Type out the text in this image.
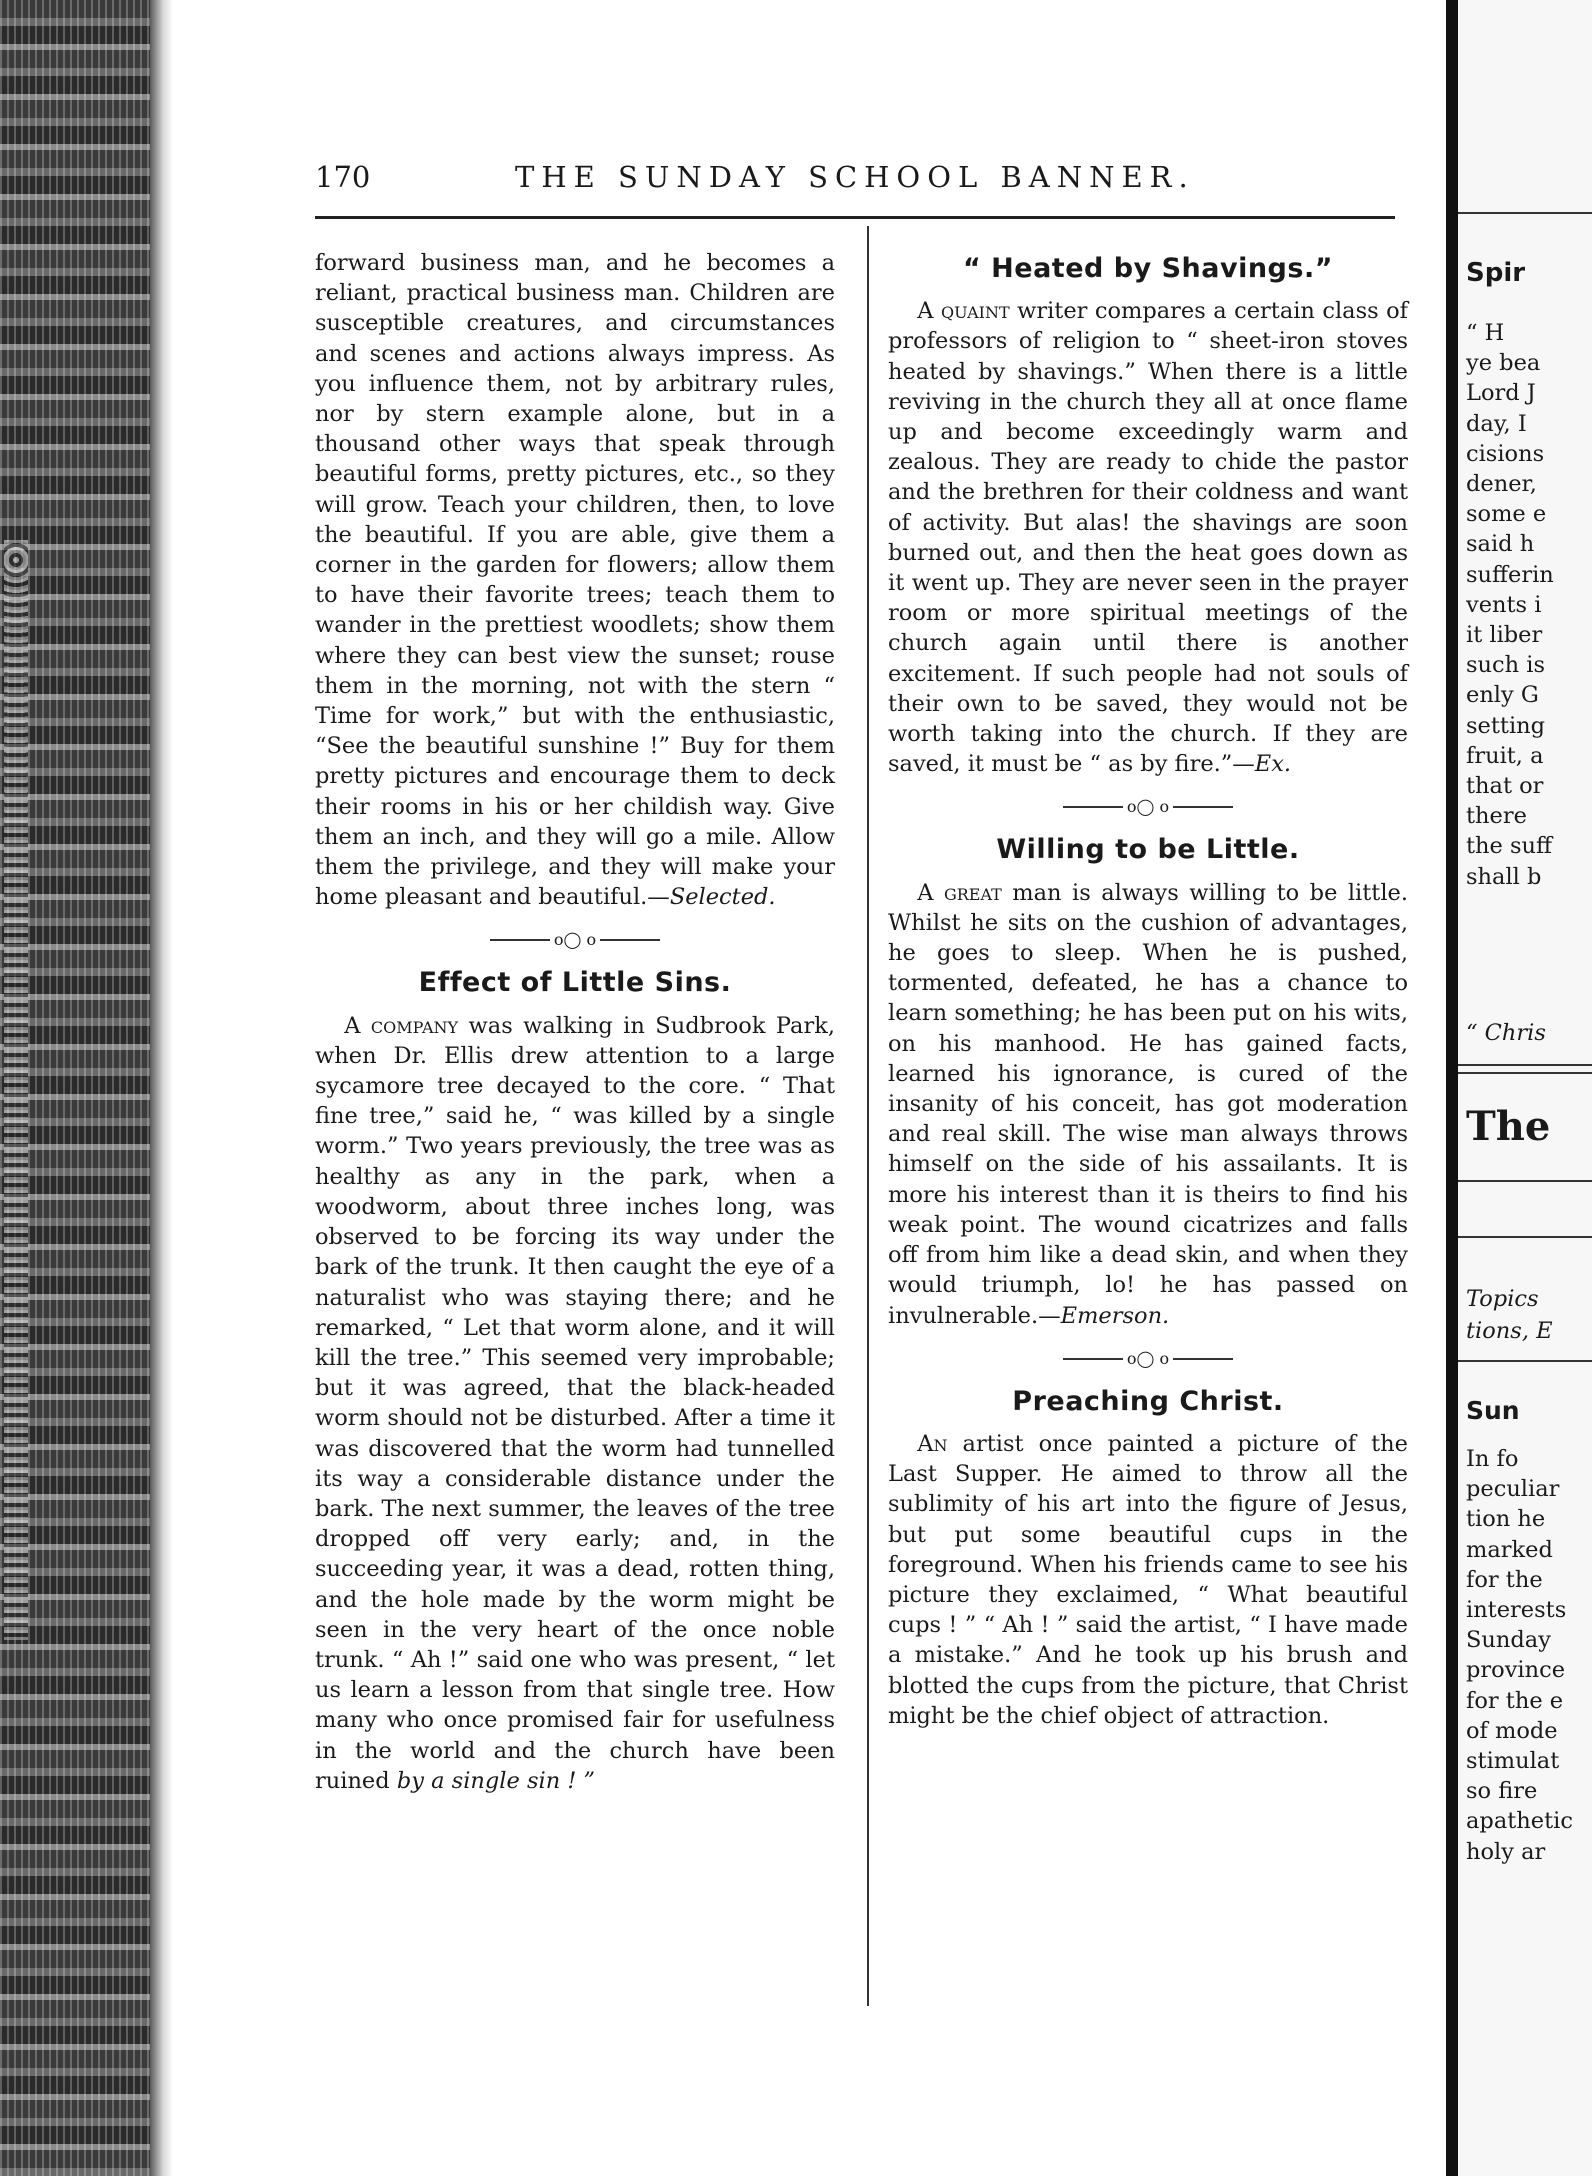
170	THE SUNDAY SCHOOL BANNER.

forward business man, and he becomes a reliant, practical business man. Children are susceptible creatures, and circumstances and scenes and actions always impress. As you influence them, not by arbitrary rules, nor by stern example alone, but in a thousand other ways that speak through beautiful forms, pretty pictures, etc., so they will grow. Teach your children, then, to love the beautiful. If you are able, give them a corner in the garden for flowers; allow them to have their favorite trees; teach them to wander in the prettiest woodlets; show them where they can best view the sunset; rouse them in the morning, not with the stern “ Time for work,” but with the enthusiastic, “See the beautiful sunshine !” Buy for them pretty pictures and encourage them to deck their rooms in his or her childish way. Give them an inch, and they will go a mile. Allow them the privilege, and they will make your home pleasant and beautiful.—Selected.

o◯ o
Effect of Little Sins.

A company was walking in Sudbrook Park, when Dr. Ellis drew attention to a large sycamore tree decayed to the core. “ That fine tree,” said he, “ was killed by a single worm.” Two years previously, the tree was as healthy as any in the park, when a woodworm, about three inches long, was observed to be forcing its way under the bark of the trunk. It then caught the eye of a naturalist who was staying there; and he remarked, “ Let that worm alone, and it will kill the tree.” This seemed very improbable; but it was agreed, that the black-headed worm should not be disturbed. After a time it was discovered that the worm had tunnelled its way a considerable distance under the bark. The next summer, the leaves of the tree dropped off very early; and, in the succeeding year, it was a dead, rotten thing, and the hole made by the worm might be seen in the very heart of the once noble trunk. “ Ah !” said one who was present, “ let us learn a lesson from that single tree. How many who once promised fair for usefulness in the world and the church have been ruined by a single sin ! ”

“ Heated by Shavings.”

A quaint writer compares a certain class of professors of religion to “ sheet-iron stoves heated by shavings.” When there is a little reviving in the church they all at once flame up and become exceedingly warm and zealous. They are ready to chide the pastor and the brethren for their coldness and want of activity. But alas! the shavings are soon burned out, and then the heat goes down as it went up. They are never seen in the prayer room or more spiritual meetings of the church again until there is another excitement. If such people had not souls of their own to be saved, they would not be worth taking into the church. If they are saved, it must be “ as by fire.”—Ex.

o◯ o
Willing to be Little.

A great man is always willing to be little. Whilst he sits on the cushion of advantages, he goes to sleep. When he is pushed, tormented, defeated, he has a chance to learn something; he has been put on his wits, on his manhood. He has gained facts, learned his ignorance, is cured of the insanity of his conceit, has got moderation and real skill. The wise man always throws himself on the side of his assailants. It is more his interest than it is theirs to find his weak point. The wound cicatrizes and falls off from him like a dead skin, and when they would triumph, lo! he has passed on invulnerable.—Emerson.

o◯ o
Preaching Christ.

An artist once painted a picture of the Last Supper. He aimed to throw all the sublimity of his art into the figure of Jesus, but put some beautiful cups in the foreground. When his friends came to see his picture they exclaimed, “ What beautiful cups ! ” “ Ah ! ” said the artist, “ I have made a mistake.” And he took up his brush and blotted the cups from the picture, that Christ might be the chief object of attraction.

Spir
“ H
ye bea
Lord J
day, I
cisions
dener,
some e
said h
sufferin
vents i
it liber
such is
enly G
setting
fruit, a
that or
there
the suff
shall b
“ Chris
The
Topics
tions, E
Sun
In fo
peculiar
tion he
marked
for the
interests
Sunday
province
for the e
of mode
stimulat
so fire
apathetic
holy ar
